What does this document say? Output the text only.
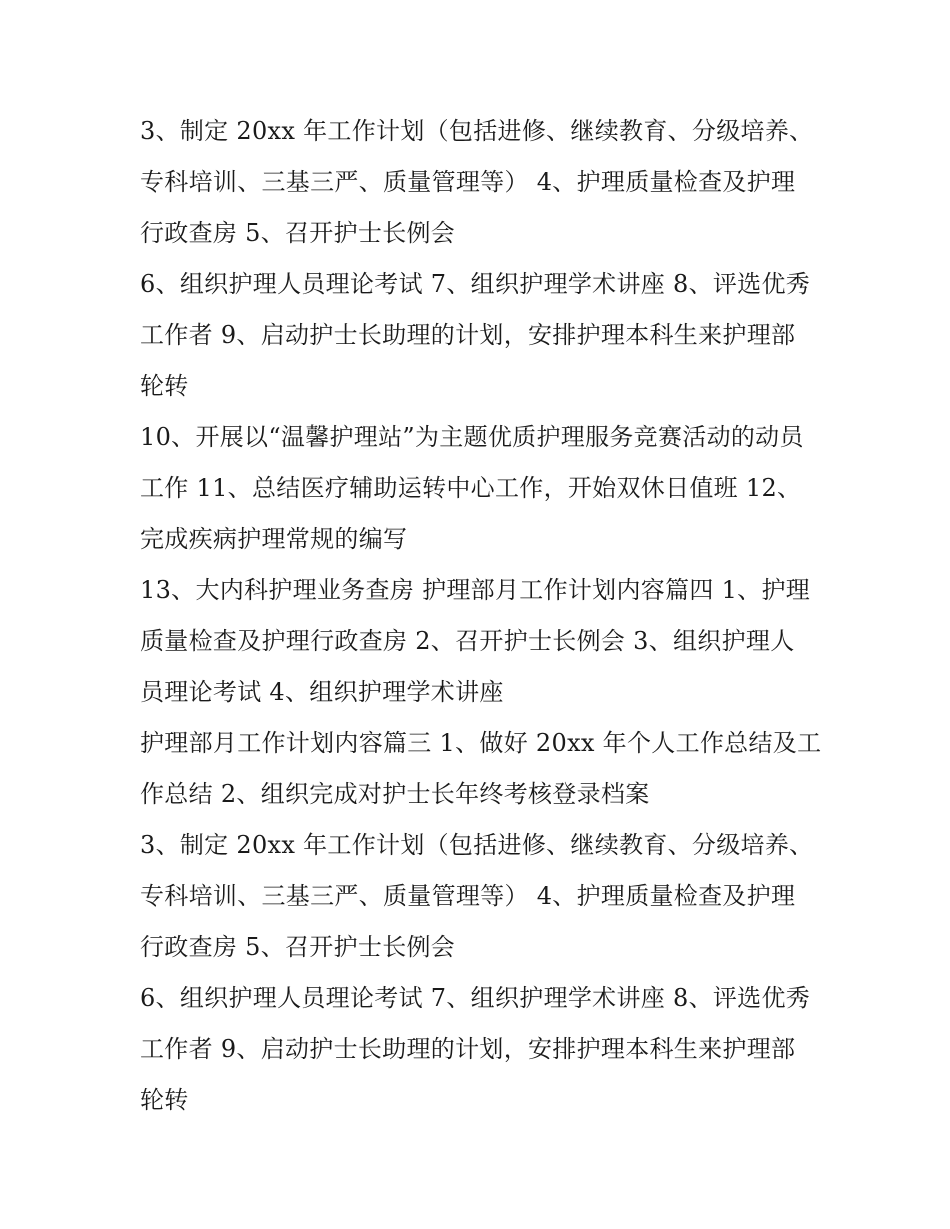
3、制定 20xx 年工作计划（包括进修、继续教育、分级培养、
专科培训、三基三严、质量管理等） 4、护理质量检查及护理
行政查房 5、召开护士长例会

6、组织护理人员理论考试 7、组织护理学术讲座 8、评选优秀
工作者 9、启动护士长助理的计划，安排护理本科生来护理部
轮转

10、开展以“温馨护理站”为主题优质护理服务竞赛活动的动员
工作 11、总结医疗辅助运转中心工作，开始双休日值班 12、
完成疾病护理常规的编写

13、大内科护理业务查房 护理部月工作计划内容篇四 1、护理
质量检查及护理行政查房 2、召开护士长例会 3、组织护理人
员理论考试 4、组织护理学术讲座

护理部月工作计划内容篇三 1、做好 20xx 年个人工作总结及工
作总结 2、组织完成对护士长年终考核登录档案

3、制定 20xx 年工作计划（包括进修、继续教育、分级培养、
专科培训、三基三严、质量管理等） 4、护理质量检查及护理
行政查房 5、召开护士长例会

6、组织护理人员理论考试 7、组织护理学术讲座 8、评选优秀
工作者 9、启动护士长助理的计划，安排护理本科生来护理部
轮转
